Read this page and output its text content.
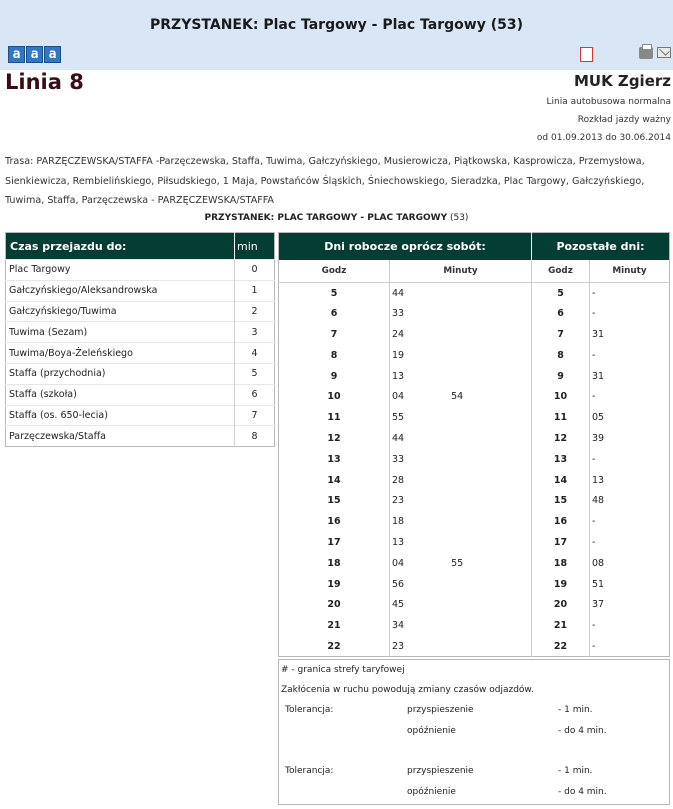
PRZYSTANEK: Plac Targowy - Plac Targowy (53)
a a a
Linia 8	MUK Zgierz
Linia autobusowa normalna
Rozkład jazdy ważny
od 01.09.2013 do 30.06.2014
Trasa: PARZĘCZEWSKA/STAFFA -Parzęczewska, Staffa, Tuwima, Gałczyńskiego, Musierowicza, Piątkowska, Kasprowicza, Przemysłowa, Sienkiewicza, Rembielińskiego, Piłsudskiego, 1 Maja, Powstańców Śląskich, Śniechowskiego, Sieradzka, Plac Targowy, Gałczyńskiego, Tuwima, Staffa, Parzęczewska - PARZĘCZEWSKA/STAFFA
PRZYSTANEK: PLAC TARGOWY - PLAC TARGOWY (53)
Czas przejazdu do:	min
Plac Targowy	0
Gałczyńskiego/Aleksandrowska	1
Gałczyńskiego/Tuwima	2
Tuwima (Sezam)	3
Tuwima/Boya-Żeleńskiego	4
Staffa (przychodnia)	5
Staffa (szkoła)	6
Staffa (os. 650-lecia)	7
Parzęczewska/Staffa	8
Dni robocze oprócz sobót:		Pozostałe dni:	
Godz	Minuty	Godz	Minuty
5	44	5	-
6	33	6	-
7	24	7	31
8	19	8	-
9	13	9	31
10	04 54	10	-
11	55	11	05
12	44	12	39
13	33	13	-
14	28	14	13
15	23	15	48
16	18	16	-
17	13	17	-
18	04 55	18	08
19	56	19	51
20	45	20	37
21	34	21	-
22	23	22	-
# - granica strefy taryfowej
Zakłócenia w ruchu powodują zmiany czasów odjazdów.
Tolerancja:	przyspieszenie	- 1 min.
opóźnienie	- do 4 min.
Tolerancja:	przyspieszenie	- 1 min.
opóźnienie	- do 4 min.
